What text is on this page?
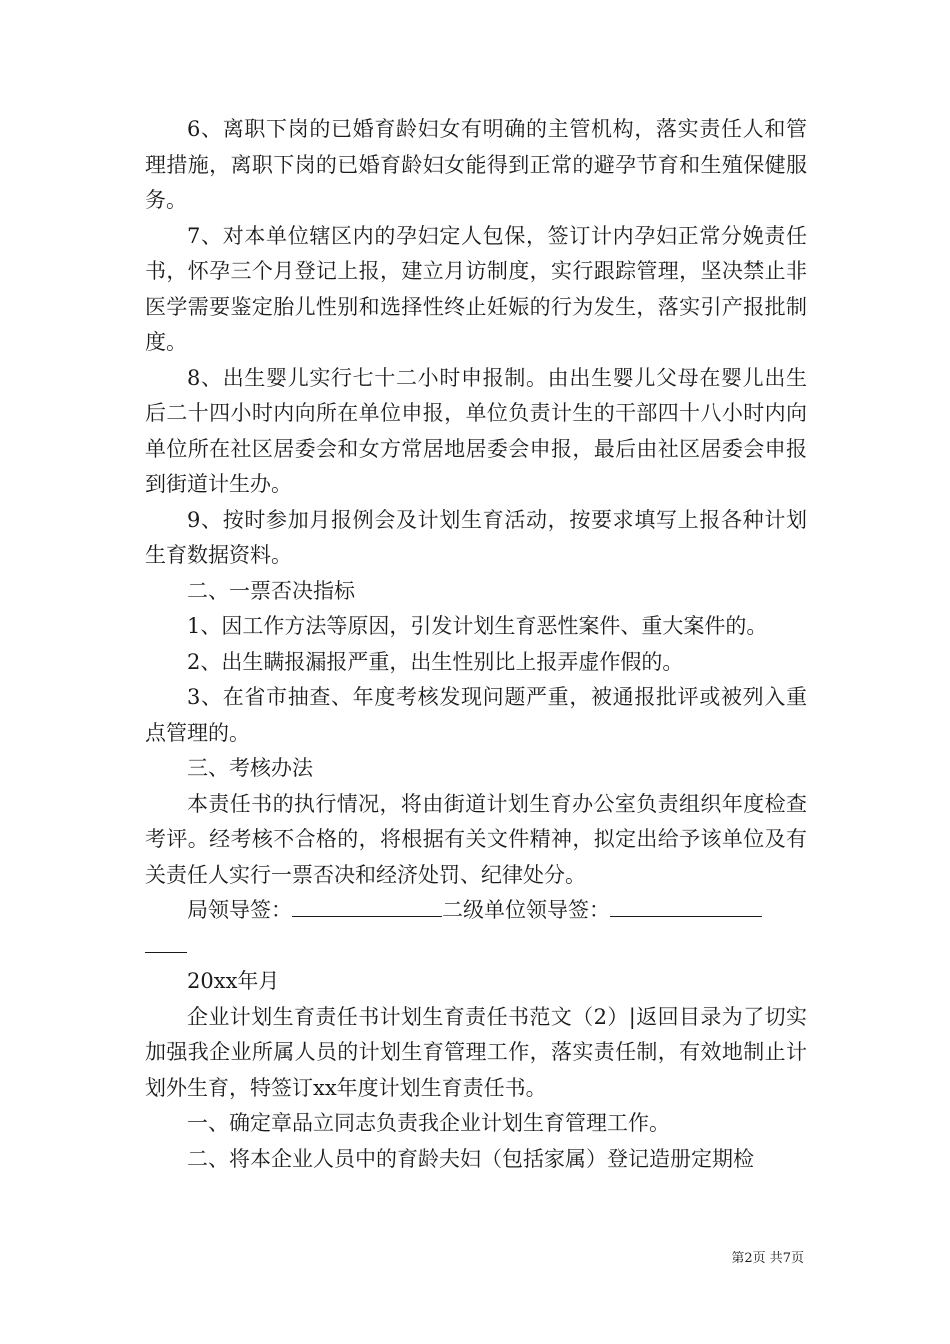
6、离职下岗的已婚育龄妇女有明确的主管机构，落实责任人和管理措施，离职下岗的已婚育龄妇女能得到正常的避孕节育和生殖保健服务。

7、对本单位辖区内的孕妇定人包保，签订计内孕妇正常分娩责任书，怀孕三个月登记上报，建立月访制度，实行跟踪管理，坚决禁止非医学需要鉴定胎儿性别和选择性终止妊娠的行为发生，落实引产报批制度。

8、出生婴儿实行七十二小时申报制。由出生婴儿父母在婴儿出生后二十四小时内向所在单位申报，单位负责计生的干部四十八小时内向单位所在社区居委会和女方常居地居委会申报，最后由社区居委会申报到街道计生办。

9、按时参加月报例会及计划生育活动，按要求填写上报各种计划生育数据资料。

二、一票否决指标

1、因工作方法等原因，引发计划生育恶性案件、重大案件的。

2、出生瞒报漏报严重，出生性别比上报弄虚作假的。

3、在省市抽查、年度考核发现问题严重，被通报批评或被列入重点管理的。

三、考核办法

本责任书的执行情况，将由街道计划生育办公室负责组织年度检查考评。经考核不合格的，将根据有关文件精神，拟定出给予该单位及有关责任人实行一票否决和经济处罚、纪律处分。

局领导签：	二级单位领导签：

20xx年月

企业计划生育责任书计划生育责任书范文（2）|返回目录为了切实加强我企业所属人员的计划生育管理工作，落实责任制，有效地制止计划外生育，特签订xx年度计划生育责任书。

一、确定章品立同志负责我企业计划生育管理工作。

二、将本企业人员中的育龄夫妇（包括家属）登记造册定期检

第2页 共7页
